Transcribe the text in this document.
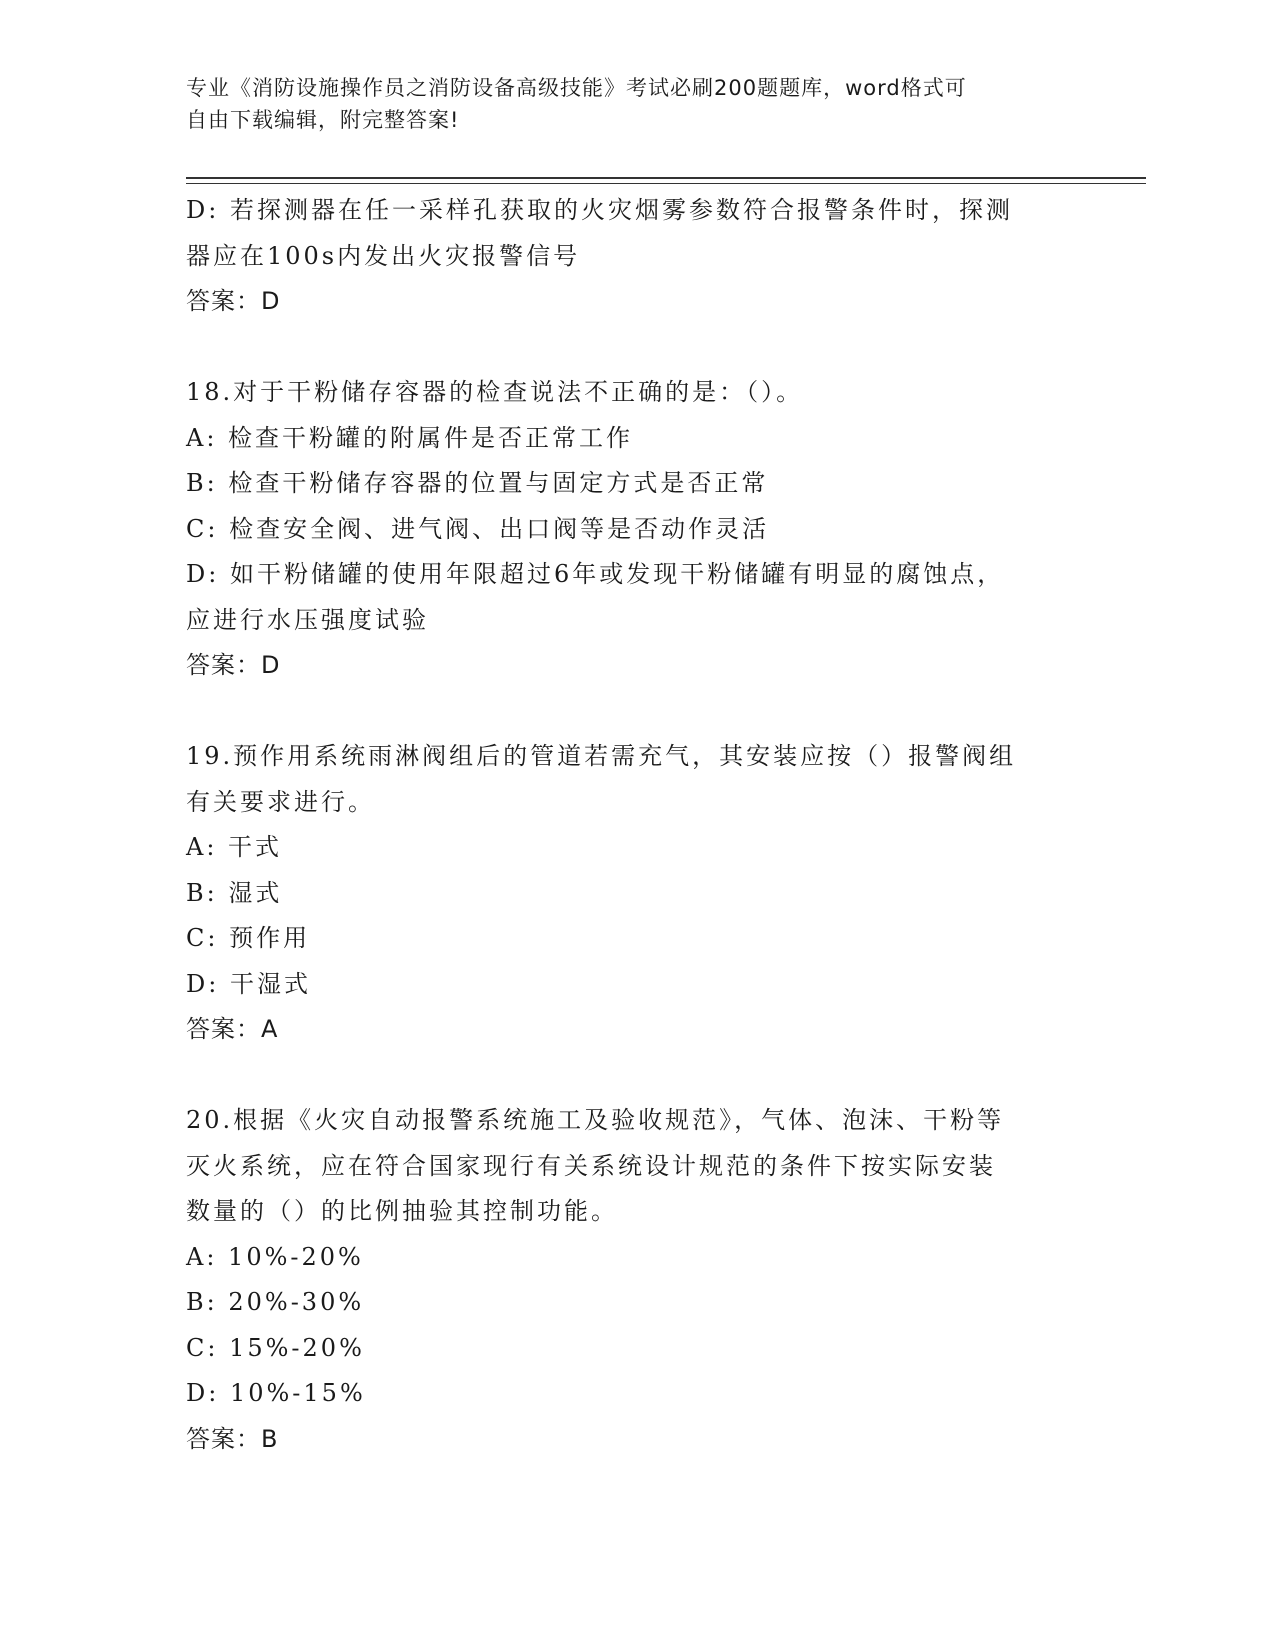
专业《消防设施操作员之消防设备高级技能》考试必刷200题题库，word格式可
自由下载编辑，附完整答案!
D: 若探测器在任一采样孔获取的火灾烟雾参数符合报警条件时，探测
器应在100s内发出火灾报警信号
答案：D
18.对于干粉储存容器的检查说法不正确的是：（）。
A: 检查干粉罐的附属件是否正常工作
B: 检查干粉储存容器的位置与固定方式是否正常
C: 检查安全阀、进气阀、出口阀等是否动作灵活
D: 如干粉储罐的使用年限超过6年或发现干粉储罐有明显的腐蚀点，
应进行水压强度试验
答案：D
19.预作用系统雨淋阀组后的管道若需充气，其安装应按（）报警阀组
有关要求进行。
A: 干式
B: 湿式
C: 预作用
D: 干湿式
答案：A
20.根据《火灾自动报警系统施工及验收规范》，气体、泡沫、干粉等
灭火系统，应在符合国家现行有关系统设计规范的条件下按实际安装
数量的（）的比例抽验其控制功能。
A: 10%-20%
B: 20%-30%
C: 15%-20%
D: 10%-15%
答案：B
